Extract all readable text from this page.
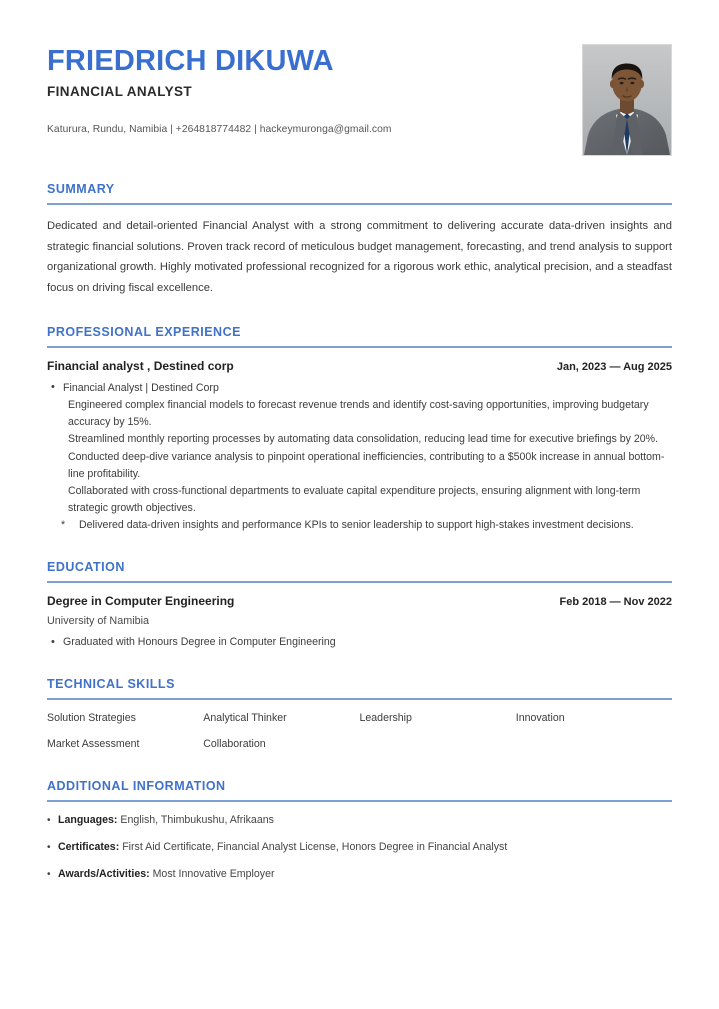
FRIEDRICH DIKUWA
FINANCIAL ANALYST
Katurura, Rundu, Namibia | +264818774482 | hackeymuronga@gmail.com
SUMMARY

Dedicated and detail-oriented Financial Analyst with a strong commitment to delivering accurate data-driven insights and strategic financial solutions. Proven track record of meticulous budget management, forecasting, and trend analysis to support organizational growth. Highly motivated professional recognized for a rigorous work ethic, analytical precision, and a steadfast focus on driving fiscal excellence.

PROFESSIONAL EXPERIENCE
Financial analyst , Destined corp	Jan, 2023 — Aug 2025
• Financial Analyst | Destined Corp
Engineered complex financial models to forecast revenue trends and identify cost-saving opportunities, improving budgetary accuracy by 15%.
Streamlined monthly reporting processes by automating data consolidation, reducing lead time for executive briefings by 20%.
Conducted deep-dive variance analysis to pinpoint operational inefficiencies, contributing to a $500k increase in annual bottom-line profitability.
Collaborated with cross-functional departments to evaluate capital expenditure projects, ensuring alignment with long-term strategic growth objectives.
* Delivered data-driven insights and performance KPIs to senior leadership to support high-stakes investment decisions.
EDUCATION
Degree in Computer Engineering	Feb 2018 — Nov 2022
University of Namibia
• Graduated with Honours Degree in Computer Engineering
TECHNICAL SKILLS
Solution Strategies	Analytical Thinker	Leadership	Innovation
Market Assessment	Collaboration
ADDITIONAL INFORMATION
• Languages: English, Thimbukushu, Afrikaans
• Certificates: First Aid Certificate, Financial Analyst License, Honors Degree in Financial Analyst
• Awards/Activities: Most Innovative Employer
